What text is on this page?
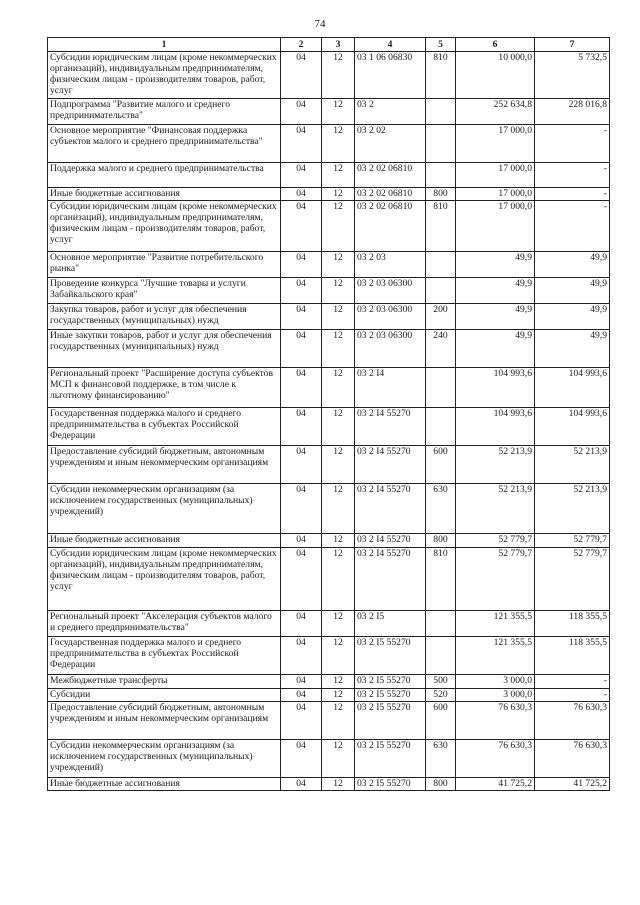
74
1	2	3	4	5	6	7
Субсидии юридическим лицам (кроме некоммерческих организаций), индивидуальным предпринимателям, физическим лицам - производителям товаров, работ, услуг	04	12	03 1 06 06830	810	10 000,0	5 732,5
Подпрограмма "Развитие малого и среднего предпринимательства"	04	12	03 2		252 634,8	228 016,8
Основное мероприятие "Финансовая поддержка субъектов малого и среднего предпринимательства"	04	12	03 2 02		17 000,0	-
Поддержка малого и среднего предпринимательства	04	12	03 2 02 06810		17 000,0	-
Иные бюджетные ассигнования	04	12	03 2 02 06810	800	17 000,0	-
Субсидии юридическим лицам (кроме некоммерческих организаций), индивидуальным предпринимателям, физическим лицам - производителям товаров, работ, услуг	04	12	03 2 02 06810	810	17 000,0	-
Основное мероприятие "Развитие потребительского рынка"	04	12	03 2 03		49,9	49,9
Проведение конкурса "Лучшие товары и услуги Забайкальского края"	04	12	03 2 03 06300		49,9	49,9
Закупка товаров, работ и услуг для обеспечения государственных (муниципальных) нужд	04	12	03 2 03 06300	200	49,9	49,9
Иные закупки товаров, работ и услуг для обеспечения государственных (муниципальных) нужд	04	12	03 2 03 06300	240	49,9	49,9
Региональный проект "Расширение доступа субъектов МСП к финансовой поддержке, в том числе к льготному финансированию"	04	12	03 2 I4		104 993,6	104 993,6
Государственная поддержка малого и среднего предпринимательства в субъектах Российской Федерации	04	12	03 2 I4 55270		104 993,6	104 993,6
Предоставление субсидий бюджетным, автономным учреждениям и иным некоммерческим организациям	04	12	03 2 I4 55270	600	52 213,9	52 213,9
Субсидии некоммерческим организациям (за исключением государственных (муниципальных) учреждений)	04	12	03 2 I4 55270	630	52 213,9	52 213,9
Иные бюджетные ассигнования	04	12	03 2 I4 55270	800	52 779,7	52 779,7
Субсидии юридическим лицам (кроме некоммерческих организаций), индивидуальным предпринимателям, физическим лицам - производителям товаров, работ, услуг	04	12	03 2 I4 55270	810	52 779,7	52 779,7
Региональный проект "Акселерация субъектов малого и среднего предпринимательства"	04	12	03 2 I5		121 355,5	118 355,5
Государственная поддержка малого и среднего предпринимательства в субъектах Российской Федерации	04	12	03 2 I5 55270		121 355,5	118 355,5
Межбюджетные трансферты	04	12	03 2 I5 55270	500	3 000,0	-
Субсидии	04	12	03 2 I5 55270	520	3 000,0	-
Предоставление субсидий бюджетным, автономным учреждениям и иным некоммерческим организациям	04	12	03 2 I5 55270	600	76 630,3	76 630,3
Субсидии некоммерческим организациям (за исключением государственных (муниципальных) учреждений)	04	12	03 2 I5 55270	630	76 630,3	76 630,3
Иные бюджетные ассигнования	04	12	03 2 I5 55270	800	41 725,2	41 725,2
